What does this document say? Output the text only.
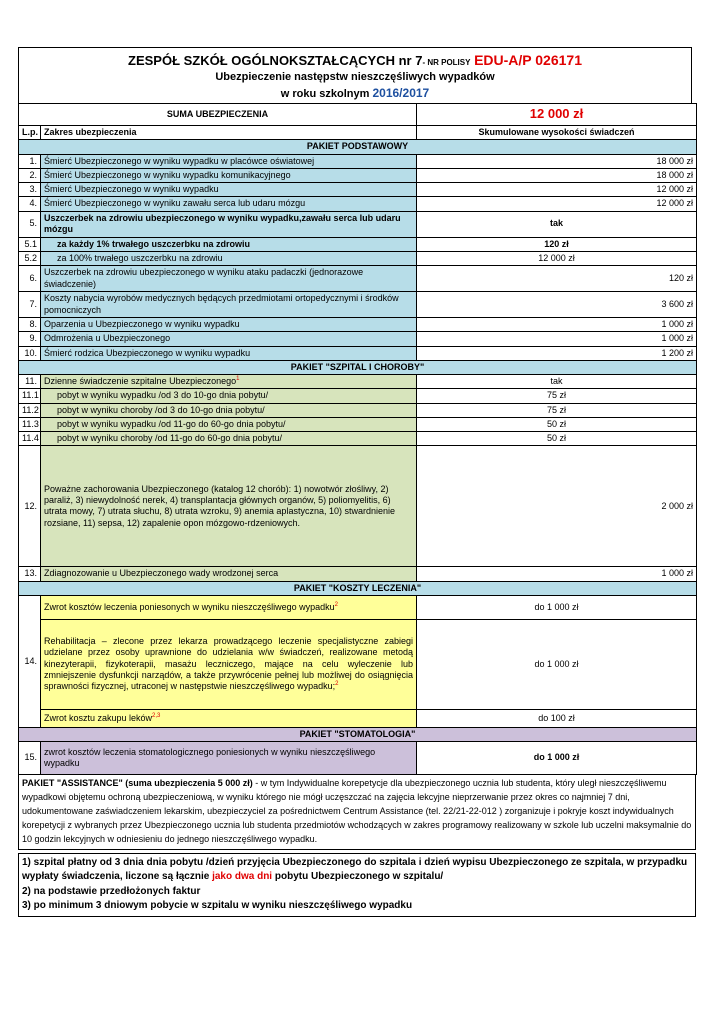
ZESPÓŁ SZKÓŁ OGÓLNOKSZTAŁCĄCYCH nr 7- NR POLISY EDU-A/P 026171
Ubezpieczenie następstw nieszczęśliwych wypadków
w roku szkolnym 2016/2017
SUMA UBEZPIECZENIA		12 000 zł
L.p.	Zakres ubezpieczenia	Skumulowane wysokości świadczeń
PAKIET PODSTAWOWY		
1.	Śmierć Ubezpieczonego w wyniku wypadku w placówce oświatowej	18 000 zł
2.	Śmierć Ubezpieczonego w wyniku wypadku komunikacyjnego	18 000 zł
3.	Śmierć Ubezpieczonego w wyniku wypadku	12 000 zł
4.	Śmierć Ubezpieczonego w wyniku zawału serca lub udaru mózgu	12 000 zł
5.	Uszczerbek na zdrowiu ubezpieczonego w wyniku wypadku,zawału serca lub udaru mózgu	tak
5.1	za każdy 1% trwałego uszczerbku na zdrowiu	120 zł
5.2	za 100% trwałego uszczerbku na zdrowiu	12 000 zł
6.	Uszczerbek na zdrowiu ubezpieczonego w wyniku ataku padaczki (jednorazowe świadczenie)	120 zł
7.	Koszty nabycia wyrobów medycznych będących przedmiotami ortopedycznymi i środków pomocniczych	3 600 zł
8.	Oparzenia u Ubezpieczonego w wyniku wypadku	1 000 zł
9.	Odmrożenia u Ubezpieczonego	1 000 zł
10.	Śmierć rodzica Ubezpieczonego w wyniku wypadku	1 200 zł
PAKIET "SZPITAL I CHOROBY"		
11.	Dzienne świadczenie szpitalne Ubezpieczonego$^1$	tak
11.1	pobyt w wyniku wypadku /od 3 do 10-go dnia pobytu/	75 zł
11.2	pobyt w wyniku choroby /od 3 do 10-go dnia pobytu/	75 zł
11.3	pobyt w wyniku wypadku /od 11-go do 60-go dnia pobytu/	50 zł
11.4	pobyt w wyniku choroby /od 11-go do 60-go dnia pobytu/	50 zł
12.	Poważne zachorowania Ubezpieczonego (katalog 12 chorób): 1) nowotwór złośliwy, 2) paraliż, 3) niewydolność nerek, 4) transplantacja głównych organów, 5) poliomyelitis, 6) utrata mowy, 7) utrata słuchu, 8) utrata wzroku, 9) anemia aplastyczna, 10) stwardnienie rozsiane, 11) sepsa, 12) zapalenie opon mózgowo-rdzeniowych.	2 000 zł
13.	Zdiagnozowanie u Ubezpieczonego wady wrodzonej serca	1 000 zł
PAKIET "KOSZTY LECZENIA"		
14.	Zwrot kosztów leczenia poniesonych w wyniku nieszczęśliwego wypadku$^2$	do 1 000 zł
	Rehabilitacja – zlecone przez lekarza prowadzącego leczenie specjalistyczne zabiegi udzielane przez osoby uprawnione do udzielania w/w świadczeń, realizowane metodą kinezyterapii, fizykoterapii, masażu leczniczego, mające na celu wyleczenie lub zmniejszenie dysfunkcji narządów, a także przywrócenie pełnej lub możliwej do osiągnięcia sprawności fizycznej, utraconej w następstwie nieszczęśliwego wypadku;$^2$	do 1 000 zł
	Zwrot kosztu zakupu leków$^{2,3}$	do 100 zł
PAKIET "STOMATOLOGIA"		
15.	zwrot kosztów leczenia stomatologicznego poniesionych w wyniku nieszczęśliwego wypadku	do 1 000 zł
PAKIET "ASSISTANCE" (suma ubezpieczenia 5 000 zł) - w tym Indywidualne korepetycje dla ubezpieczonego ucznia lub studenta, który uległ nieszczęśliwemu wypadkowi objętemu ochroną ubezpieczeniową, w wyniku którego nie mógł uczęszczać na zajęcia lekcyjne nieprzerwanie przez okres co najmniej 7 dni, udokumentowane zaświadczeniem lekarskim, ubezpieczyciel za pośrednictwem Centrum Assistance (tel. 22/21-22-012 ) zorganizuje i pokryje koszt indywidualnych korepetycji z wybranych przez Ubezpieczonego ucznia lub studenta przedmiotów wchodzących w zakres programowy realizowany w szkole lub uczelni maksymalnie do 10 godzin lekcyjnych w odniesieniu do jednego nieszczęśliwego wypadku.
1) szpital płatny od 3 dnia dnia pobytu /dzień przyjęcia Ubezpieczonego do szpitala i dzień wypisu Ubezpieczonego ze szpitala, w przypadku wypłaty świadczenia, liczone są łącznie jako dwa dni pobytu Ubezpieczonego w szpitalu/
2) na podstawie przedłożonych faktur
3) po minimum 3 dniowym pobycie w szpitalu w wyniku nieszczęśliwego wypadku
